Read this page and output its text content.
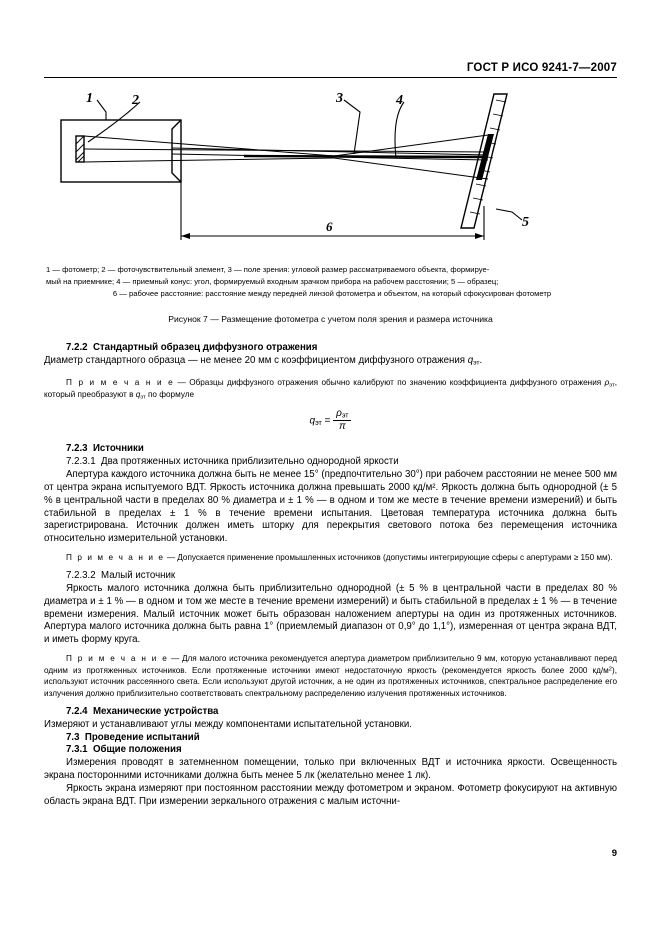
ГОСТ Р ИСО 9241-7—2007
1	2	3	4
5
6
1 — фотометр; 2 — фоточувствительный элемент, 3 — поле зрения: угловой размер рассматриваемого объекта, формируе-
мый на приемнике; 4 — приемный конус: угол, формируемый входным зрачком прибора на рабочем расстоянии; 5 — образец;
6 — рабочее расстояние: расстояние между передней линзой фотометра и объектом, на который сфокусирован фотометр
Рисунок 7 — Размещение фотометра с учетом поля зрения и размера источника
7.2.2 Стандартный образец диффузного отражения

Диаметр стандартного образца — не менее 20 мм с коэффициентом диффузного отражения $q_{эт}$.

П р и м е ч а н и е — Образцы диффузного отражения обычно калибруют по значению коэффициента диффузного отражения $\rho_{эт}$, который преобразуют в $q_{эт}$ по формуле

$q_{эт} = \frac{\rho_{эт}}{\pi}$

7.2.3 Источники
7.2.3.1 Два протяженных источника приблизительно однородной яркости

Апертура каждого источника должна быть не менее 15° (предпочтительно 30°) при рабочем расстоянии не менее 500 мм от центра экрана испытуемого ВДТ. Яркость источника должна превышать 2000 кд/м². Яркость должна быть однородной (± 5 % в центральной части в пределах 80 % диаметра и ± 1 % — в одном и том же месте в течение времени измерений) и быть стабильной в пределах ± 1 % в течение времени испытания. Цветовая температура источника должна быть зарегистрирована. Источник должен иметь шторку для перекрытия светового потока без перемещения источника относительно измерительной установки.

П р и м е ч а н и е — Допускается применение промышленных источников (допустимы интегрирующие сферы с апертурами ≥ 150 мм).

7.2.3.2 Малый источник

Яркость малого источника должна быть приблизительно однородной (± 5 % в центральной части в пределах 80 % диаметра и ± 1 % — в одном и том же месте в течение времени измерений) и быть стабильной в пределах ± 1 % — в течение времени измерения. Малый источник может быть образован наложением апертуры на один из протяженных источников. Апертура малого источника должна быть равна 1° (приемлемый диапазон от 0,9° до 1,1°), измеренная от центра экрана ВДТ, и иметь форму круга.

П р и м е ч а н и е — Для малого источника рекомендуется апертура диаметром приблизительно 9 мм, которую устанавливают перед одним из протяженных источников. Если протяженные источники имеют недостаточную яркость (рекомендуется яркость более 2000 $кд/м^2$), используют источник рассеянного света. Если используют другой источник, а не один из протяженных источников, спектральное распределение его излучения должно приблизительно соответствовать спектральному распределению излучения протяженных источников.

7.2.4 Механические устройства

Измеряют и устанавливают углы между компонентами испытательной установки.

7.3 Проведение испытаний
7.3.1 Общие положения

Измерения проводят в затемненном помещении, только при включенных ВДТ и источника яркости. Освещенность экрана посторонними источниками должна быть менее 5 лк (желательно менее 1 лк).

Яркость экрана измеряют при постоянном расстоянии между фотометром и экраном. Фотометр фокусируют на активную область экрана ВДТ. При измерении зеркального отражения с малым источни-

9
